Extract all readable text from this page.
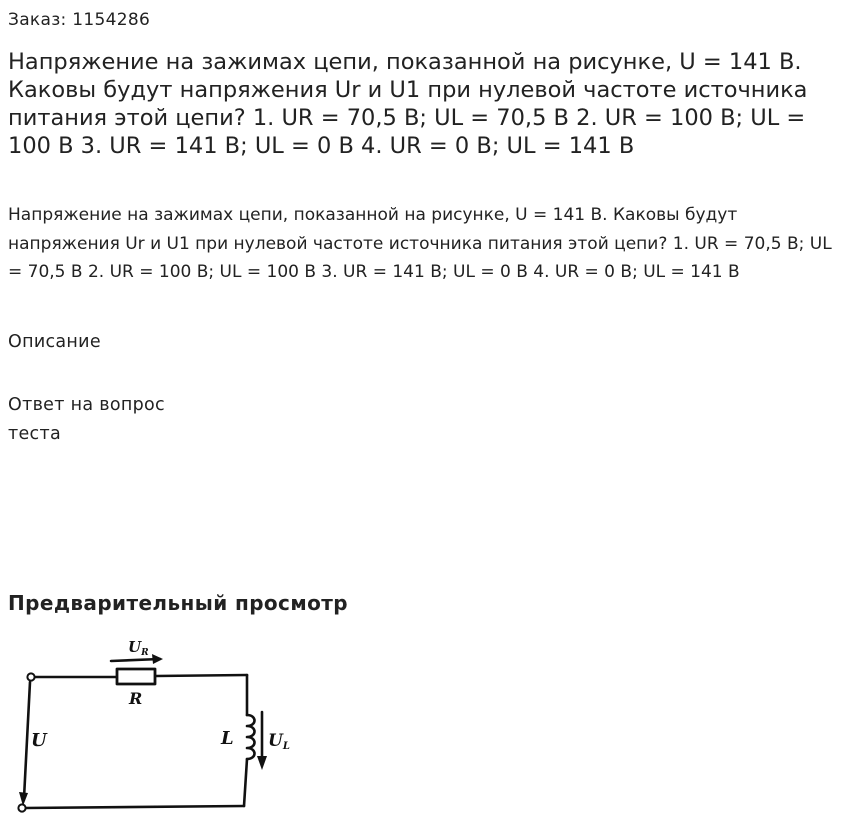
Заказ: 1154286
Напряжение на зажимах цепи, показанной на рисунке, U = 141 В. Каковы будут напряжения Ur и U1 при нулевой частоте источника питания этой цепи? 1. UR = 70,5 В; UL = 70,5 В 2. UR = 100 В; UL = 100 В 3. UR = 141 В; UL = 0 В 4. UR = 0 В; UL = 141 В

Напряжение на зажимах цепи, показанной на рисунке, U = 141 В. Каковы будут напряжения Ur и U1 при нулевой частоте источника питания этой цепи? 1. UR = 70,5 В; UL = 70,5 В 2. UR = 100 В; UL = 100 В 3. UR = 141 В; UL = 0 В 4. UR = 0 В; UL = 141 В

Описание
Ответ на вопрос теста
Предварительный просмотр
$U_R$
R
U	L UL
